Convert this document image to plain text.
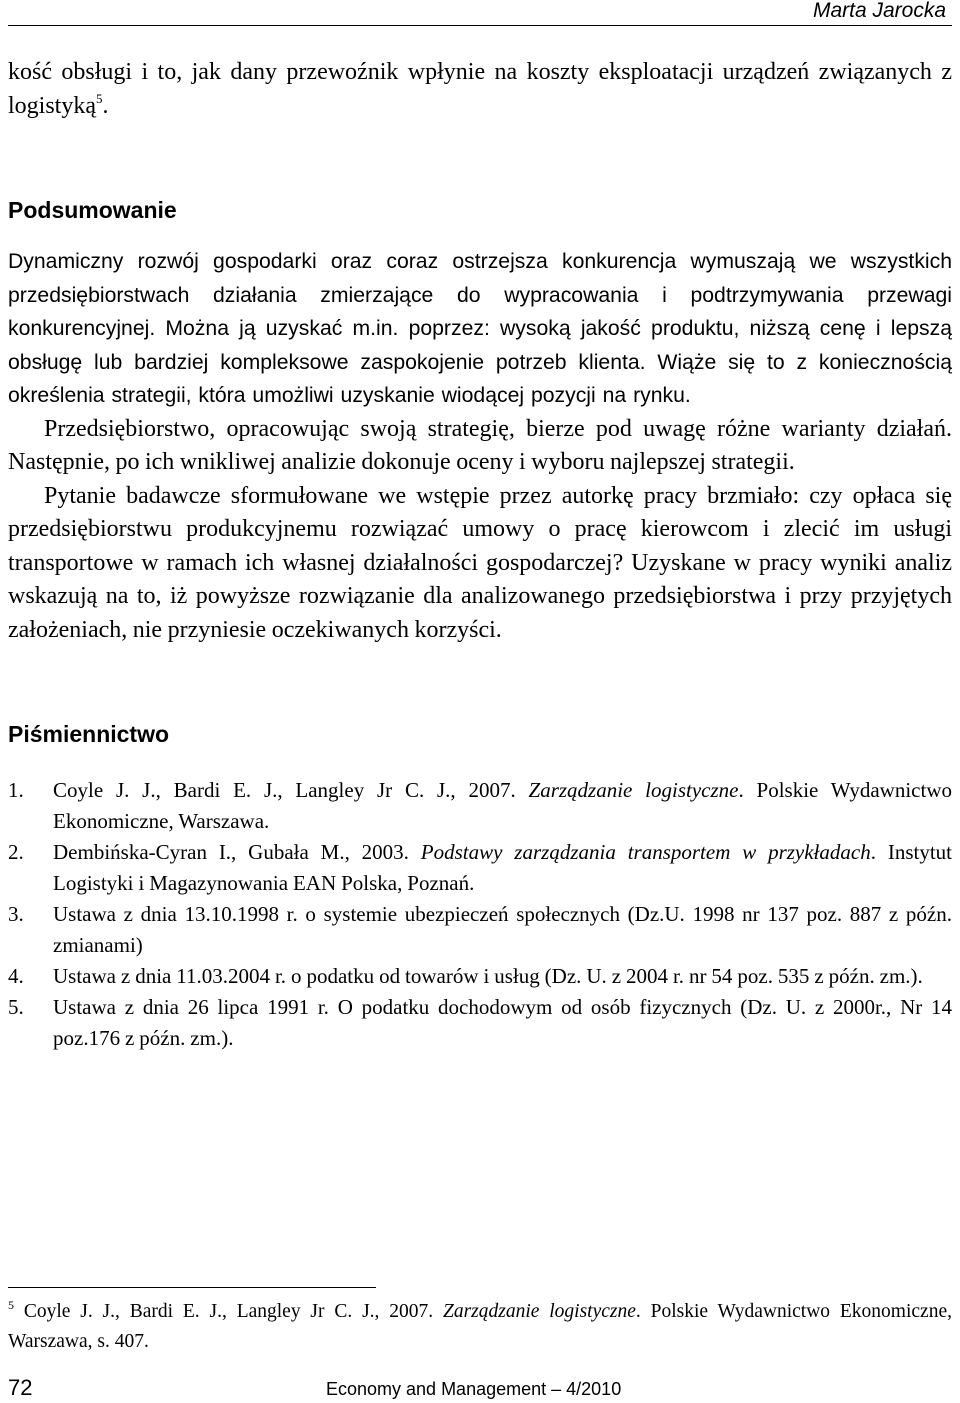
Marta Jarocka

kość obsługi i to, jak dany przewoźnik wpłynie na koszty eksploatacji urządzeń związanych z logistyką$^5$.

Podsumowanie

Dynamiczny rozwój gospodarki oraz coraz ostrzejsza konkurencja wymuszają we wszystkich przedsiębiorstwach działania zmierzające do wypracowania i podtrzymywania przewagi konkurencyjnej. Można ją uzyskać m.in. poprzez: wysoką jakość produktu, niższą cenę i lepszą obsługę lub bardziej kompleksowe zaspokojenie potrzeb klienta. Wiąże się to z koniecznością określenia strategii, która umożliwi uzyskanie wiodącej pozycji na rynku.

Przedsiębiorstwo, opracowując swoją strategię, bierze pod uwagę różne warianty działań. Następnie, po ich wnikliwej analizie dokonuje oceny i wyboru najlepszej strategii.

Pytanie badawcze sformułowane we wstępie przez autorkę pracy brzmiało: czy opłaca się przedsiębiorstwu produkcyjnemu rozwiązać umowy o pracę kierowcom i zlecić im usługi transportowe w ramach ich własnej działalności gospodarczej? Uzyskane w pracy wyniki analiz wskazują na to, iż powyższe rozwiązanie dla analizowanego przedsiębiorstwa i przy przyjętych założeniach, nie przyniesie oczekiwanych korzyści.

Piśmiennictwo
1. Coyle J. J., Bardi E. J., Langley Jr C. J., 2007. Zarządzanie logistyczne. Polskie Wydawnictwo Ekonomiczne, Warszawa.
2. Dembińska-Cyran I., Gubała M., 2003. Podstawy zarządzania transportem w przykładach. Instytut Logistyki i Magazynowania EAN Polska, Poznań.
3. Ustawa z dnia 13.10.1998 r. o systemie ubezpieczeń społecznych (Dz.U. 1998 nr 137 poz. 887 z późn. zmianami)
4. Ustawa z dnia 11.03.2004 r. o podatku od towarów i usług (Dz. U. z 2004 r. nr 54 poz. 535 z późn. zm.).
5. Ustawa z dnia 26 lipca 1991 r. O podatku dochodowym od osób fizycznych (Dz. U. z 2000r., Nr 14 poz.176 z późn. zm.).

$^5$ Coyle J. J., Bardi E. J., Langley Jr C. J., 2007. Zarządzanie logistyczne. Polskie Wydawnictwo Ekonomiczne, Warszawa, s. 407.

72	Economy and Management – 4/2010
